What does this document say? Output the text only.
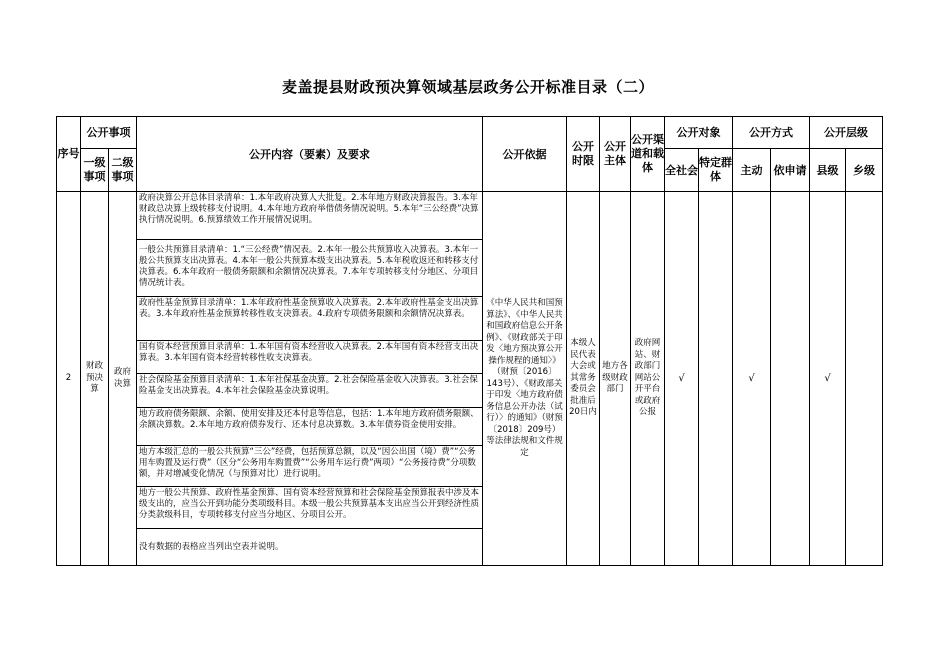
麦盖提县财政预决算领域基层政务公开标准目录（二）
序号	公开事项		公开内容（要素）及要求	公开依据	公开时限	公开主体	公开渠道和载体	公开对象		公开方式		公开层级	
	一级事项	二级事项						全社会	特定群体	主动	依申请	县级	乡级
2	财政预决算	政府决算	政府决算公开总体目录清单：1.本年政府决算人大批复。2.本年地方财政决算报告。3.本年财政总决算上级转移支付说明。4.本年地方政府举借债务情况说明。5.本年“三公经费”决算执行情况说明。6.预算绩效工作开展情况说明。	《中华人民共和国预算法》、《中华人民共和国政府信息公开条例》、《财政部关于印发〈地方预决算公开操作规程的通知〉》（财预〔2016〕143号）、《财政部关于印发〈地方政府债务信息公开办法（试行）〉的通知》（财预〔2018〕209号）等法律法规和文件规定	本级人民代表大会或其常务委员会批准后20日内	地方各级财政部门	政府网站、财政部门网站公开平台或政府公报	√		√		√	
			一般公共预算目录清单：1.“三公经费”情况表。2.本年一般公共预算收入决算表。3.本年一般公共预算支出决算表。4.本年一般公共预算本级支出决算表。5.本年税收返还和转移支付决算表。6.本年政府一般债务限额和余额情况决算表。7.本年专项转移支付分地区、分项目情况统计表。										
			政府性基金预算目录清单：1.本年政府性基金预算收入决算表。2.本年政府性基金支出决算表。3.本年政府性基金预算转移性收支决算表。4.政府专项债务限额和余额情况决算表。										
			国有资本经营预算目录清单：1.本年国有资本经营收入决算表。2.本年国有资本经营支出决算表。3.本年国有资本经营转移性收支决算表。										
			社会保险基金预算目录清单：1.本年社保基金决算。2.社会保险基金收入决算表。3.社会保险基金支出决算表。4.本年社会保险基金决算说明。										
			地方政府债务限额、余额、使用安排及还本付息等信息，包括：1.本年地方政府债务限额、余额决算数。2.本年地方政府债券发行、还本付息决算数。3.本年债券资金使用安排。										
			地方本级汇总的一般公共预算“三公”经费，包括预算总额，以及“因公出国（境）费”“公务用车购置及运行费”（区分“公务用车购置费”“公务用车运行费”两项）“公务接待费”分项数额，并对增减变化情况（与预算对比）进行说明。										
			地方一般公共预算、政府性基金预算、国有资本经营预算和社会保险基金预算报表中涉及本级支出的，应当公开到功能分类项级科目。本级一般公共预算基本支出应当公开到经济性质分类款级科目，专项转移支付应当分地区、分项目公开。										
			没有数据的表格应当列出空表并说明。										
